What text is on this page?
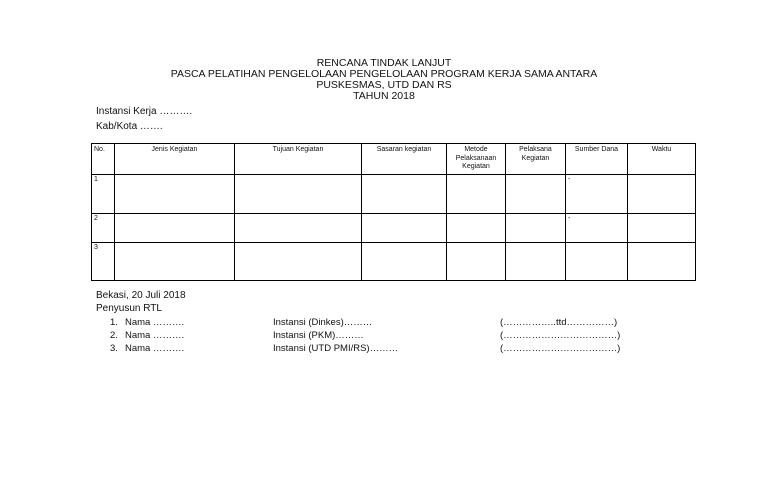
RENCANA TINDAK LANJUT
PASCA PELATIHAN PENGELOLAAN PENGELOLAAN PROGRAM KERJA SAMA ANTARA
PUSKESMAS, UTD DAN RS
TAHUN 2018
Instansi Kerja ……….
Kab/Kota …….
No.	Jenis Kegiatan	Tujuan Kegiatan	Sasaran kegiatan	Metode Pelaksanaan Kegiatan	Pelaksana Kegiatan	Sumber Dana	Waktu
1						-	
2						-	
3							
Bekasi, 20 Juli 2018
Penyusun RTL
1. Nama ……….	Instansi (Dinkes)………	(……………..ttd……………)
2. Nama ……….	Instansi (PKM)………	(………………………………)
3. Nama ……….	Instansi (UTD PMI/RS)………	(………………………………)
